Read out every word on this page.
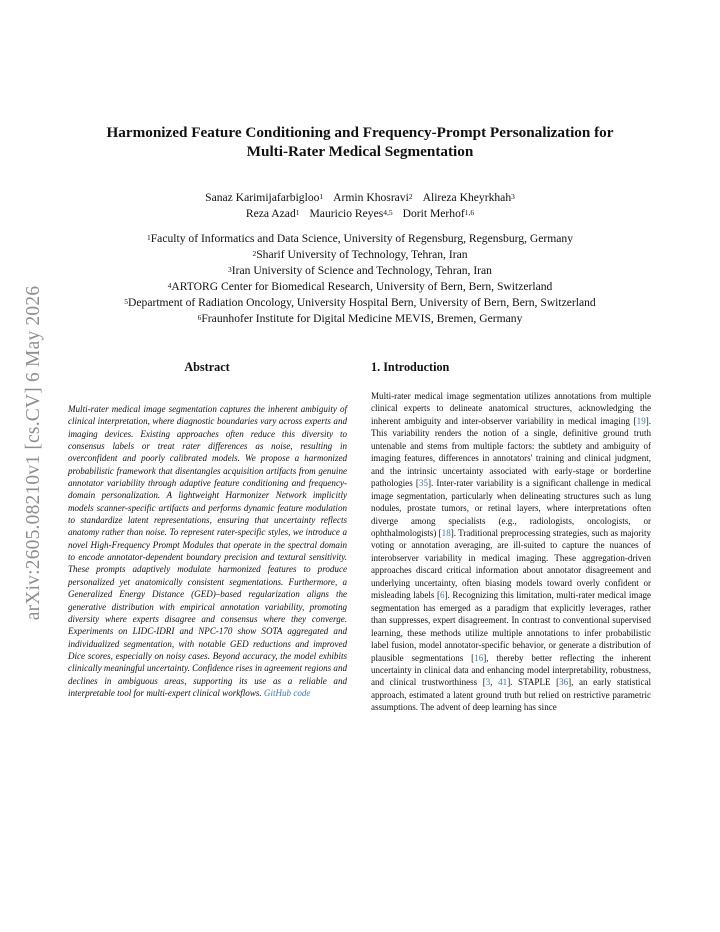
arXiv:2605.08210v1 [cs.CV] 6 May 2026
Harmonized Feature Conditioning and Frequency-Prompt Personalization for
Multi-Rater Medical Segmentation
Sanaz Karimijafarbigloo$^1$ Armin Khosravi$^2$ Alireza Kheyrkhah$^3$
Reza Azad$^1$ Mauricio Reyes$^{4,5}$ Dorit Merhof$^{1,6}$
$^1$Faculty of Informatics and Data Science, University of Regensburg, Regensburg, Germany
$^2$Sharif University of Technology, Tehran, Iran
$^3$Iran University of Science and Technology, Tehran, Iran
$^4$ARTORG Center for Biomedical Research, University of Bern, Bern, Switzerland
$^5$Department of Radiation Oncology, University Hospital Bern, University of Bern, Bern, Switzerland
$^6$Fraunhofer Institute for Digital Medicine MEVIS, Bremen, Germany
Abstract
Multi-rater medical image segmentation captures the inherent ambiguity of clinical interpretation, where diagnostic boundaries vary across experts and imaging devices. Existing approaches often reduce this diversity to consensus labels or treat rater differences as noise, resulting in overconfident and poorly calibrated models. We propose a harmonized probabilistic framework that disentangles acquisition artifacts from genuine annotator variability through adaptive feature conditioning and frequency-domain personalization. A lightweight Harmonizer Network implicitly models scanner-specific artifacts and performs dynamic feature modulation to standardize latent representations, ensuring that uncertainty reflects anatomy rather than noise. To represent rater-specific styles, we introduce a novel High-Frequency Prompt Modules that operate in the spectral domain to encode annotator-dependent boundary precision and textural sensitivity. These prompts adaptively modulate harmonized features to produce personalized yet anatomically consistent segmentations. Furthermore, a Generalized Energy Distance (GED)–based regularization aligns the generative distribution with empirical annotation variability, promoting diversity where experts disagree and consensus where they converge. Experiments on LIDC-IDRI and NPC-170 show SOTA aggregated and individualized segmentation, with notable GED reductions and improved Dice scores, especially on noisy cases. Beyond accuracy, the model exhibits clinically meaningful uncertainty. Confidence rises in agreement regions and declines in ambiguous areas, supporting its use as a reliable and interpretable tool for multi-expert clinical workflows. GitHub code
1. Introduction
Multi-rater medical image segmentation utilizes annotations from multiple clinical experts to delineate anatomical structures, acknowledging the inherent ambiguity and inter-observer variability in medical imaging [19]. This variability renders the notion of a single, definitive ground truth untenable and stems from multiple factors: the subtlety and ambiguity of imaging features, differences in annotators' training and clinical judgment, and the intrinsic uncertainty associated with early-stage or borderline pathologies [35]. Inter-rater variability is a significant challenge in medical image segmentation, particularly when delineating structures such as lung nodules, prostate tumors, or retinal layers, where interpretations often diverge among specialists (e.g., radiologists, oncologists, or ophthalmologists) [18]. Traditional preprocessing strategies, such as majority voting or annotation averaging, are ill-suited to capture the nuances of interobserver variability in medical imaging. These aggregation-driven approaches discard critical information about annotator disagreement and underlying uncertainty, often biasing models toward overly confident or misleading labels [6]. Recognizing this limitation, multi-rater medical image segmentation has emerged as a paradigm that explicitly leverages, rather than suppresses, expert disagreement. In contrast to conventional supervised learning, these methods utilize multiple annotations to infer probabilistic label fusion, model annotator-specific behavior, or generate a distribution of plausible segmentations [16], thereby better reflecting the inherent uncertainty in clinical data and enhancing model interpretability, robustness, and clinical trustworthiness [3, 41]. STAPLE [36], an early statistical approach, estimated a latent ground truth but relied on restrictive parametric assumptions. The advent of deep learning has since
